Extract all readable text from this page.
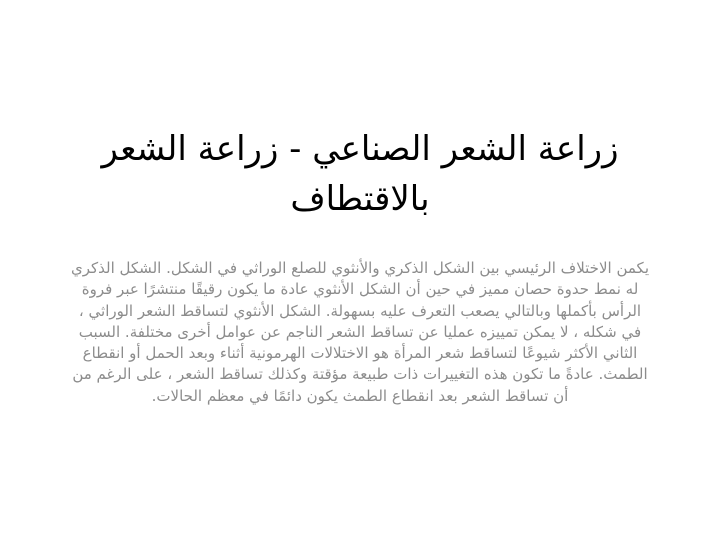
زراعة الشعر الصناعي - زراعة الشعر بالاقتطاف

يكمن الاختلاف الرئيسي بين الشكل الذكري والأنثوي للصلع الوراثي في الشكل. الشكل الذكري له نمط حدوة حصان مميز في حين أن الشكل الأنثوي عادة ما يكون رقيقًا منتشرًا عبر فروة الرأس بأكملها وبالتالي يصعب التعرف عليه بسهولة. الشكل الأنثوي لتساقط الشعر الوراثي ، في شكله ، لا يمكن تمييزه عمليا عن تساقط الشعر الناجم عن عوامل أخرى مختلفة. السبب الثاني الأكثر شيوعًا لتساقط شعر المرأة هو الاختلالات الهرمونية أثناء وبعد الحمل أو انقطاع الطمث. عادةً ما تكون هذه التغييرات ذات طبيعة مؤقتة وكذلك تساقط الشعر ، على الرغم من أن تساقط الشعر بعد انقطاع الطمث يكون دائمًا في معظم الحالات.
